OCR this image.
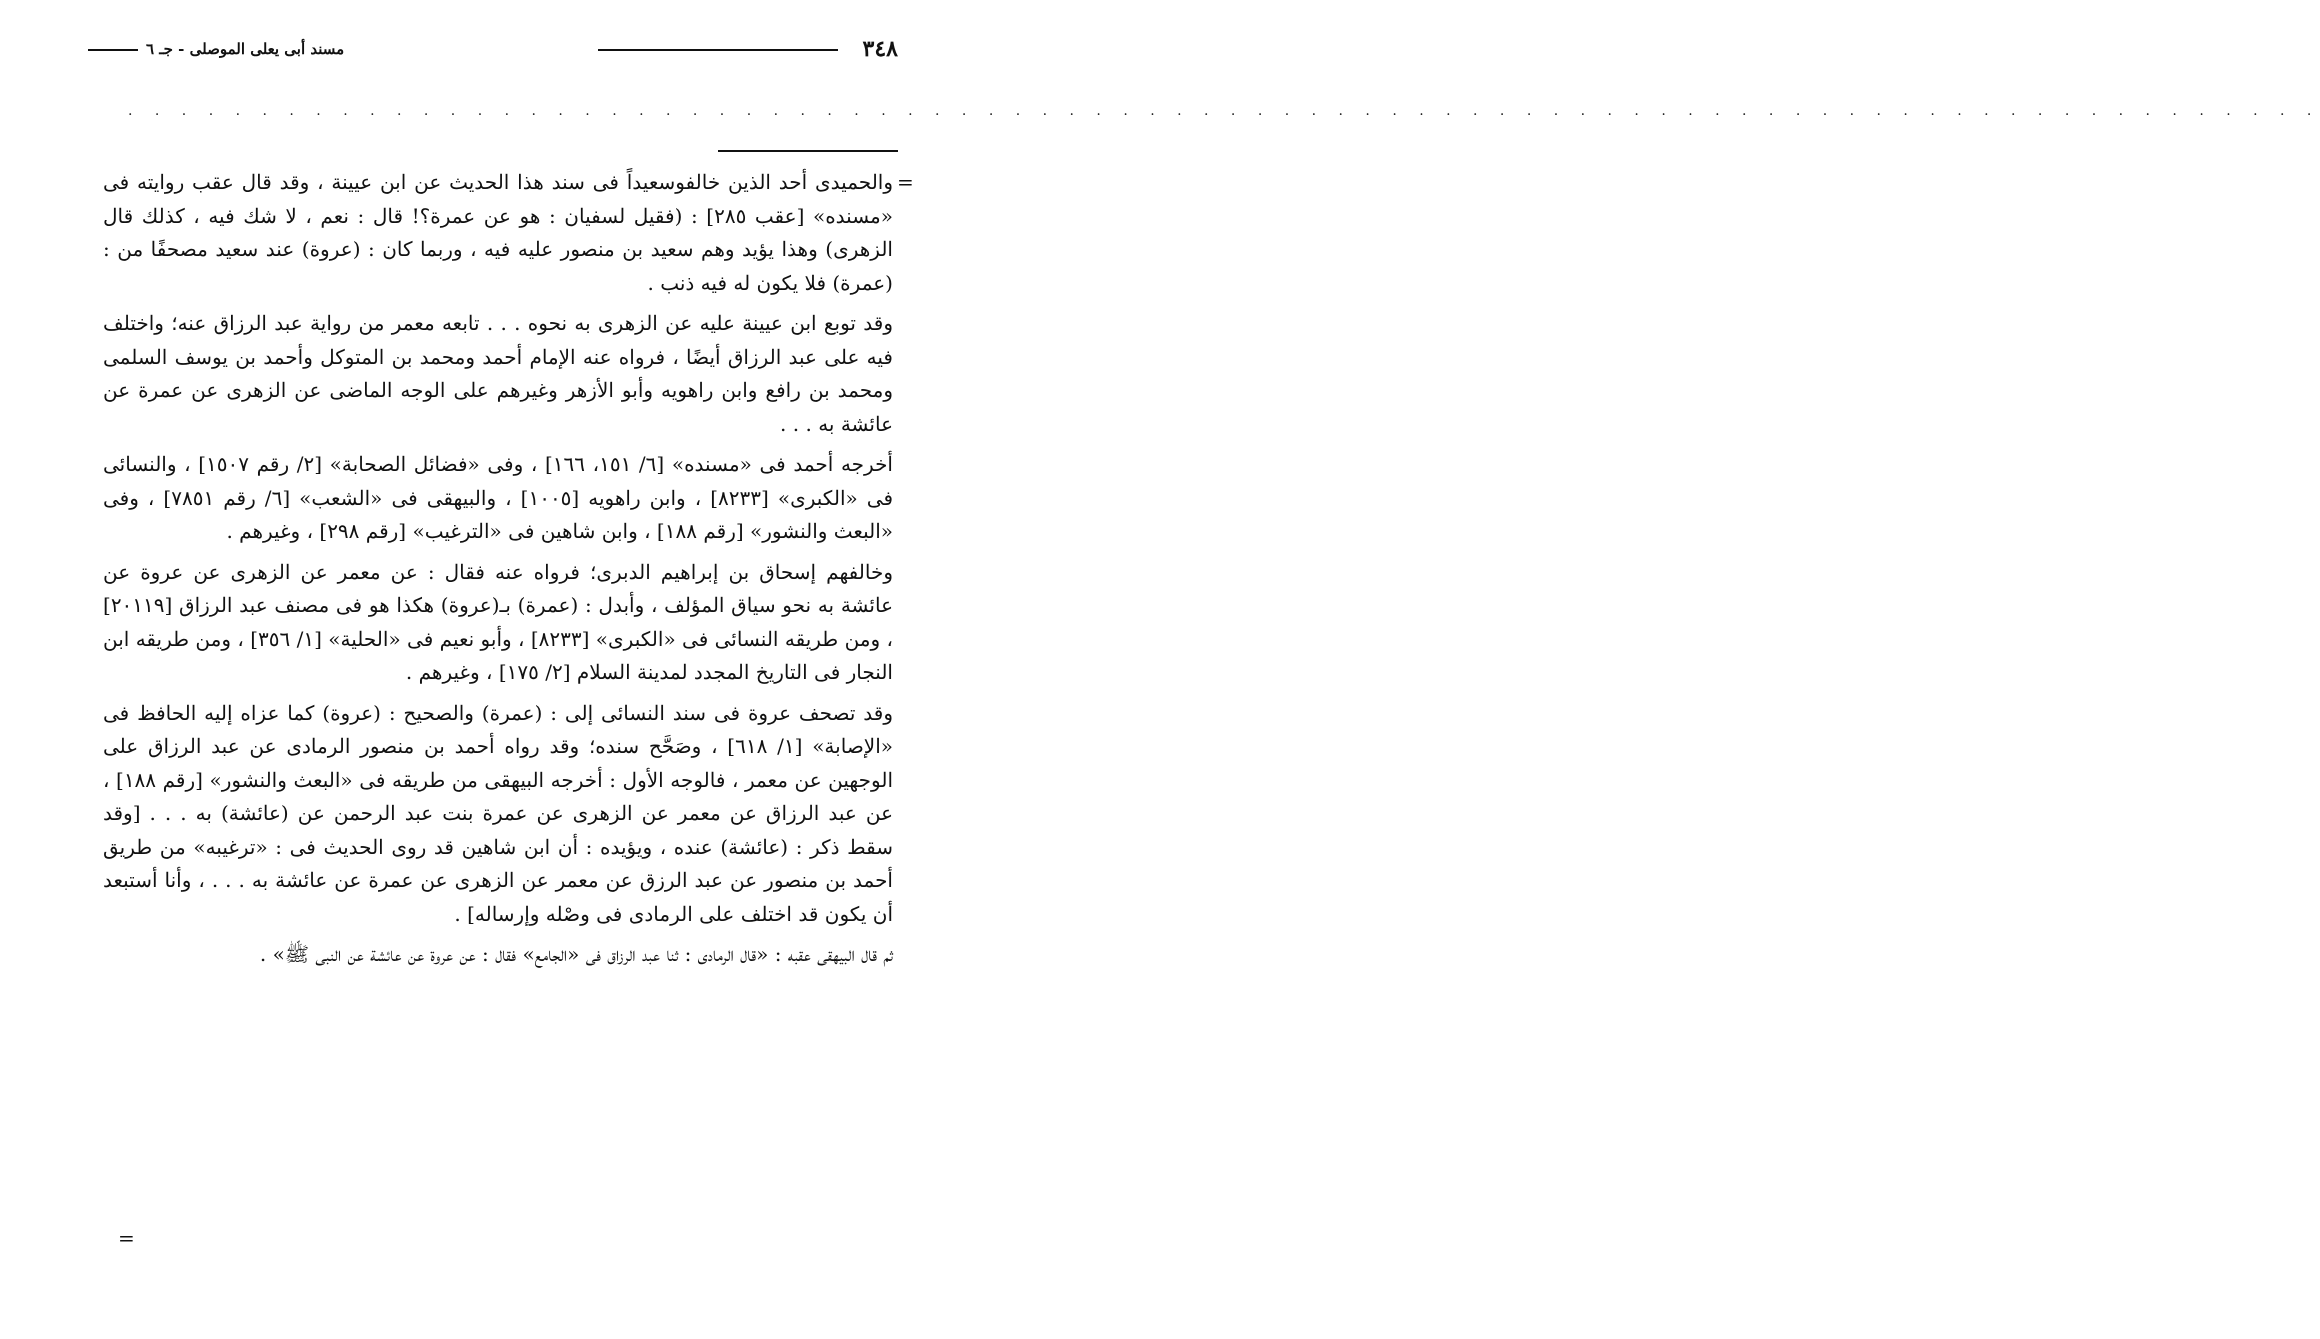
٣٤٨
مسند أبى يعلى الموصلى - جـ ٦
. . . . . . . . . . . . . . . . . . . . . . . . . . . . . . . . . . . . . . . . . . . . . . . . . . . . . . . . . . . . . . . . . . . . . . . . . . . . . . . . . .
=

والحميدى أحد الذين خالفوسعيداً فى سند هذا الحديث عن ابن عيينة ، وقد قال عقب روايته فى «مسنده» [عقب ٢٨٥] : (فقيل لسفيان : هو عن عمرة؟! قال : نعم ، لا شك فيه ، كذلك قال الزهرى) وهذا يؤيد وهم سعيد بن منصور عليه فيه ، وربما كان : (عروة) عند سعيد مصحفًا من : (عمرة) فلا يكون له فيه ذنب .

وقد توبع ابن عيينة عليه عن الزهرى به نحوه . . . تابعه معمر من رواية عبد الرزاق عنه؛ واختلف فيه على عبد الرزاق أيضًا ، فرواه عنه الإمام أحمد ومحمد بن المتوكل وأحمد بن يوسف السلمى ومحمد بن رافع وابن راهويه وأبو الأزهر وغيرهم على الوجه الماضى عن الزهرى عن عمرة عن عائشة به . . .

أخرجه أحمد فى «مسنده» [٦/ ١٥١، ١٦٦] ، وفى «فضائل الصحابة» [٢/ رقم ١٥٠٧] ، والنسائى فى «الكبرى» [٨٢٣٣] ، وابن راهويه [١٠٠٥] ، والبيهقى فى «الشعب» [٦/ رقم ٧٨٥١] ، وفى «البعث والنشور» [رقم ١٨٨] ، وابن شاهين فى «الترغيب» [رقم ٢٩٨] ، وغيرهم .

وخالفهم إسحاق بن إبراهيم الدبرى؛ فرواه عنه فقال : عن معمر عن الزهرى عن عروة عن عائشة به نحو سياق المؤلف ، وأبدل : (عمرة) بـ(عروة) هكذا هو فى مصنف عبد الرزاق [٢٠١١٩] ، ومن طريقه النسائى فى «الكبرى» [٨٢٣٣] ، وأبو نعيم فى «الحلية» [١/ ٣٥٦] ، ومن طريقه ابن النجار فى التاريخ المجدد لمدينة السلام [٢/ ١٧٥] ، وغيرهم .

وقد تصحف عروة فى سند النسائى إلى : (عمرة) والصحيح : (عروة) كما عزاه إليه الحافظ فى «الإصابة» [١/ ٦١٨] ، وصَحَّح سنده؛ وقد رواه أحمد بن منصور الرمادى عن عبد الرزاق على الوجهين عن معمر ، فالوجه الأول : أخرجه البيهقى من طريقه فى «البعث والنشور» [رقم ١٨٨] ، عن عبد الرزاق عن معمر عن الزهرى عن عمرة بنت عبد الرحمن عن (عائشة) به . . . [وقد سقط ذكر : (عائشة) عنده ، ويؤيده : أن ابن شاهين قد روى الحديث فى : «ترغيبه» من طريق أحمد بن منصور عن عبد الرزق عن معمر عن الزهرى عن عمرة عن عائشة به . . . ، وأنا أستبعد أن يكون قد اختلف على الرمادى فى وصْله وإرساله] .

ثم قال البيهقى عقبه : «قال الرمادى : ثنا عبد الرزاق فى «الجامع» فقال : عن عروة عن عائشة عن النبى ﷺ» .

=
